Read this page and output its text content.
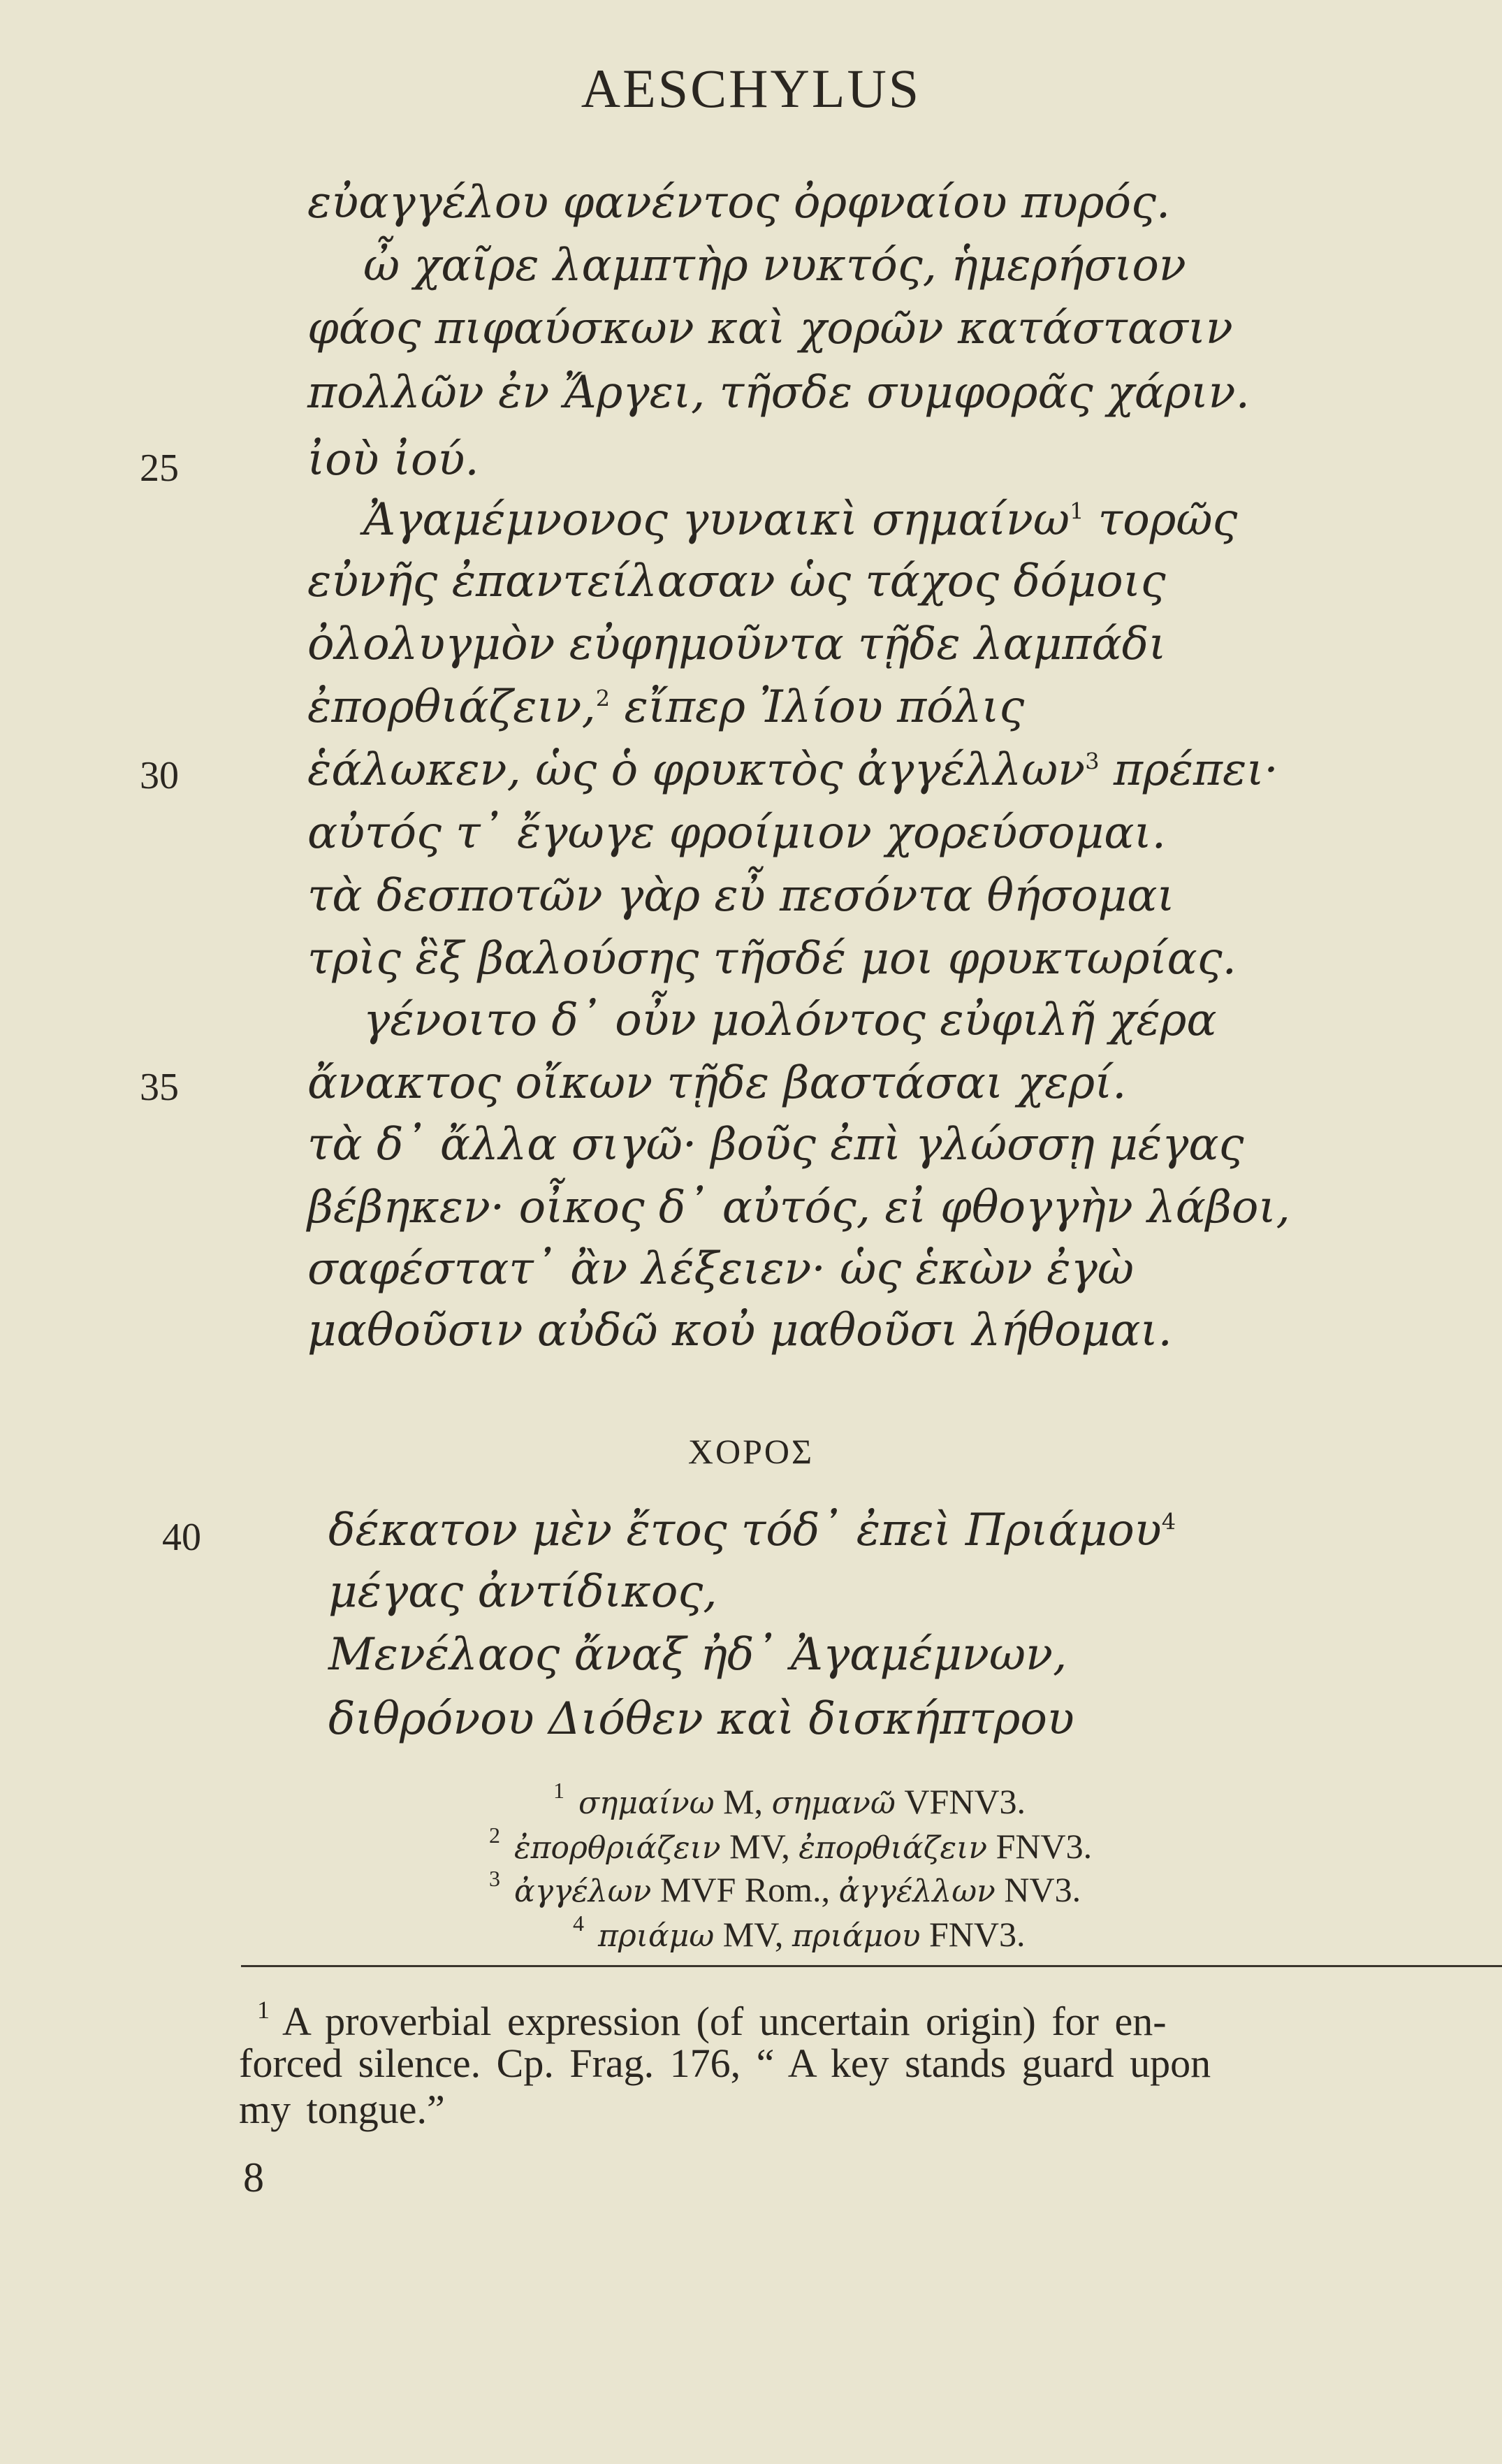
AESCHYLUS
εὐαγγέλου φανέντος ὀρφναίου πυρός.
ὦ χαῖρε λαμπτὴρ νυκτός, ἡμερήσιον
φάος πιφαύσκων καὶ χορῶν κατάστασιν
πολλῶν ἐν Ἄργει, τῆσδε συμφορᾶς χάριν.
25	ἰοὺ ἰού.
Ἀγαμέμνονος γυναικὶ σημαίνω$^1$ τορῶς
εὐνῆς ἐπαντείλασαν ὡς τάχος δόμοις
ὀλολυγμὸν εὐφημοῦντα τῇδε λαμπάδι
ἐπορθιάζειν,$^2$ εἴπερ Ἰλίου πόλις
30	ἑάλωκεν, ὡς ὁ φρυκτὸς ἀγγέλλων$^3$ πρέπει·
αὐτός τ᾽ ἔγωγε φροίμιον χορεύσομαι.
τὰ δεσποτῶν γὰρ εὖ πεσόντα θήσομαι
τρὶς ἓξ βαλούσης τῆσδέ μοι φρυκτωρίας.
γένοιτο δ᾽ οὖν μολόντος εὐφιλῆ χέρα
35	ἄνακτος οἴκων τῇδε βαστάσαι χερί.
τὰ δ᾽ ἄλλα σιγῶ· βοῦς ἐπὶ γλώσσῃ μέγας
βέβηκεν· οἶκος δ᾽ αὐτός, εἰ φθογγὴν λάβοι,
σαφέστατ᾽ ἂν λέξειεν· ὡς ἑκὼν ἐγὼ
μαθοῦσιν αὐδῶ κοὐ μαθοῦσι λήθομαι.
ΧΟΡΟΣ
40	δέκατον μὲν ἔτος τόδ᾽ ἐπεὶ Πριάμου$^4$
μέγας ἀντίδικος,
Μενέλαος ἄναξ ἠδ᾽ Ἀγαμέμνων,
διθρόνου Διόθεν καὶ δισκήπτρου
$^1$ σημαίνω M, σημανῶ VFNV3.
$^2$ ἐπορθριάζειν MV, ἐπορθιάζειν FNV3.
$^3$ ἀγγέλων MVF Rom., ἀγγέλλων NV3.
$^4$ πριάμω MV, πριάμου FNV3.
$^1$ A proverbial expression (of uncertain origin) for en-
forced silence. Cp. Frag. 176, “ A key stands guard upon
my tongue.”
8
